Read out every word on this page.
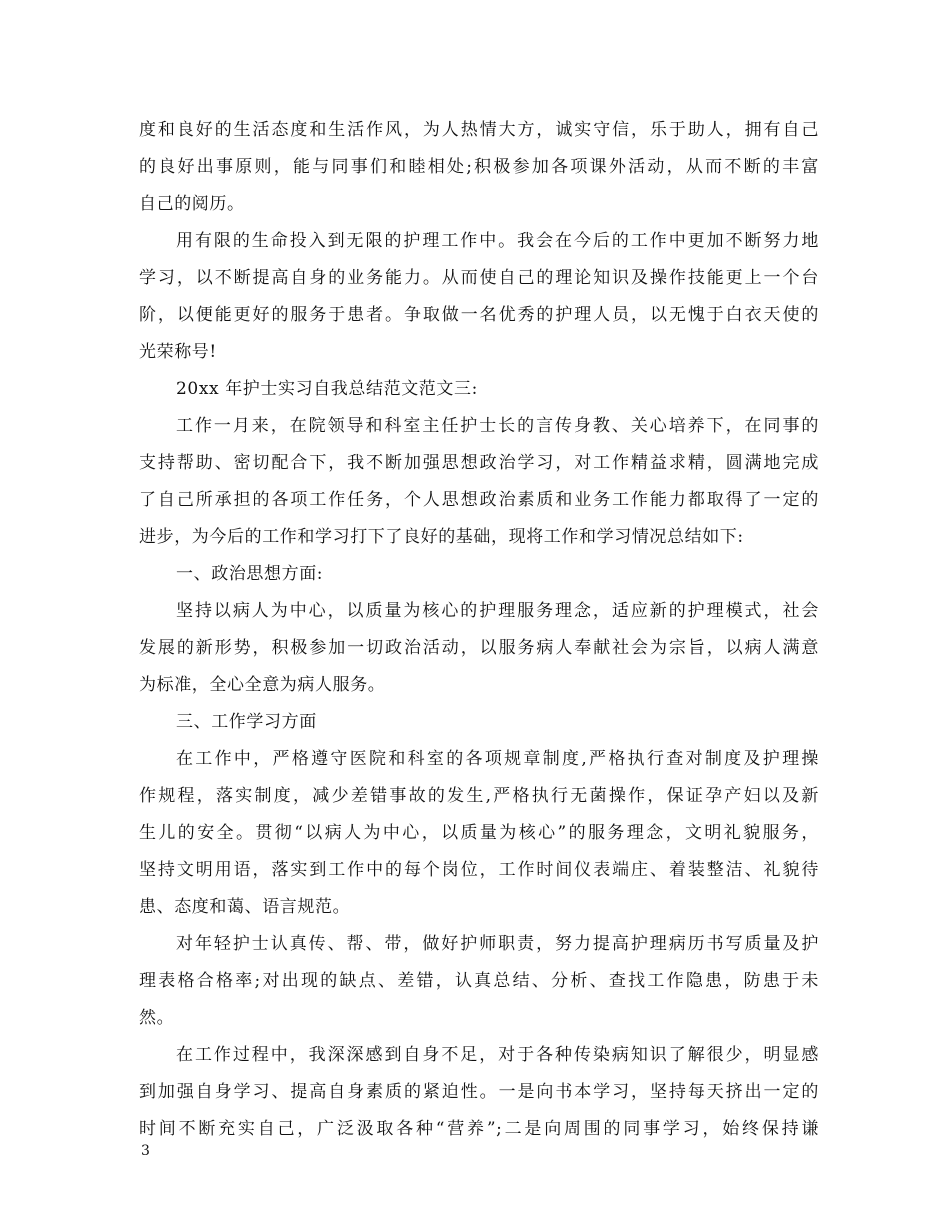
度和良好的生活态度和生活作风，为人热情大方，诚实守信，乐于助人，拥有自己
的良好出事原则，能与同事们和睦相处;积极参加各项课外活动，从而不断的丰富
自己的阅历。
用有限的生命投入到无限的护理工作中。我会在今后的工作中更加不断努力地
学习，以不断提高自身的业务能力。从而使自己的理论知识及操作技能更上一个台
阶，以便能更好的服务于患者。争取做一名优秀的护理人员，以无愧于白衣天使的
光荣称号!
20xx 年护士实习自我总结范文范文三:
工作一月来，在院领导和科室主任护士长的言传身教、关心培养下，在同事的
支持帮助、密切配合下，我不断加强思想政治学习，对工作精益求精，圆满地完成
了自己所承担的各项工作任务，个人思想政治素质和业务工作能力都取得了一定的
进步，为今后的工作和学习打下了良好的基础，现将工作和学习情况总结如下:
一、政治思想方面:
坚持以病人为中心，以质量为核心的护理服务理念，适应新的护理模式，社会
发展的新形势，积极参加一切政治活动，以服务病人奉献社会为宗旨，以病人满意
为标准，全心全意为病人服务。
三、工作学习方面
在工作中，严格遵守医院和科室的各项规章制度,严格执行查对制度及护理操
作规程，落实制度，减少差错事故的发生,严格执行无菌操作，保证孕产妇以及新
生儿的安全。贯彻“以病人为中心，以质量为核心”的服务理念，文明礼貌服务，
坚持文明用语，落实到工作中的每个岗位，工作时间仪表端庄、着装整洁、礼貌待
患、态度和蔼、语言规范。
对年轻护士认真传、帮、带，做好护师职责，努力提高护理病历书写质量及护
理表格合格率;对出现的缺点、差错，认真总结、分析、查找工作隐患，防患于未
然。
在工作过程中，我深深感到自身不足，对于各种传染病知识了解很少，明显感
到加强自身学习、提高自身素质的紧迫性。一是向书本学习，坚持每天挤出一定的
时间不断充实自己，广泛汲取各种“营养”;二是向周围的同事学习，始终保持谦
3
